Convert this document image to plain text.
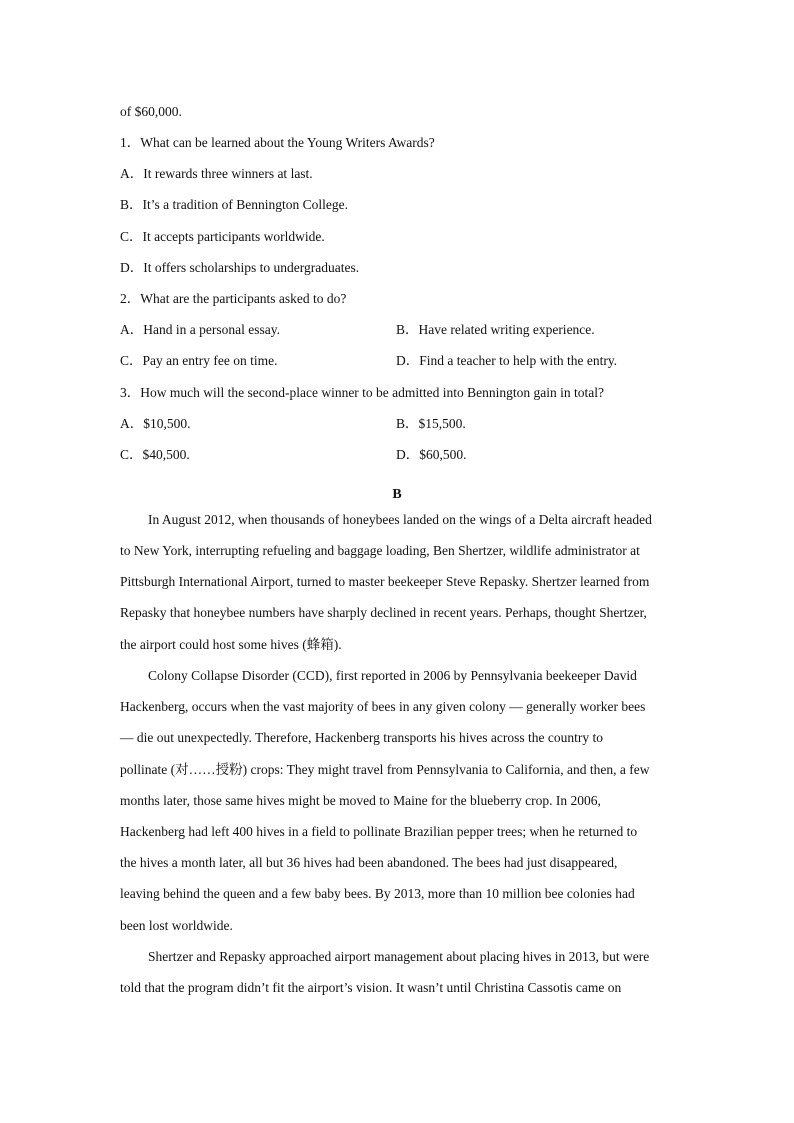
of $60,000.
1．What can be learned about the Young Writers Awards?
A．It rewards three winners at last.
B．It’s a tradition of Bennington College.
C．It accepts participants worldwide.
D．It offers scholarships to undergraduates.
2．What are the participants asked to do?
A．Hand in a personal essay.	B．Have related writing experience.
C．Pay an entry fee on time.	D．Find a teacher to help with the entry.
3．How much will the second-place winner to be admitted into Bennington gain in total?
A．$10,500.	B．$15,500.
C．$40,500.	D．$60,500.
B
In August 2012, when thousands of honeybees landed on the wings of a Delta aircraft headed
to New York, interrupting refueling and baggage loading, Ben Shertzer, wildlife administrator at
Pittsburgh International Airport, turned to master beekeeper Steve Repasky. Shertzer learned from
Repasky that honeybee numbers have sharply declined in recent years. Perhaps, thought Shertzer,
the airport could host some hives (蜂箱).
Colony Collapse Disorder (CCD), first reported in 2006 by Pennsylvania beekeeper David
Hackenberg, occurs when the vast majority of bees in any given colony — generally worker bees
— die out unexpectedly. Therefore, Hackenberg transports his hives across the country to
pollinate (对……授粉) crops: They might travel from Pennsylvania to California, and then, a few
months later, those same hives might be moved to Maine for the blueberry crop. In 2006,
Hackenberg had left 400 hives in a field to pollinate Brazilian pepper trees; when he returned to
the hives a month later, all but 36 hives had been abandoned. The bees had just disappeared,
leaving behind the queen and a few baby bees. By 2013, more than 10 million bee colonies had
been lost worldwide.
Shertzer and Repasky approached airport management about placing hives in 2013, but were
told that the program didn’t fit the airport’s vision. It wasn’t until Christina Cassotis came on
